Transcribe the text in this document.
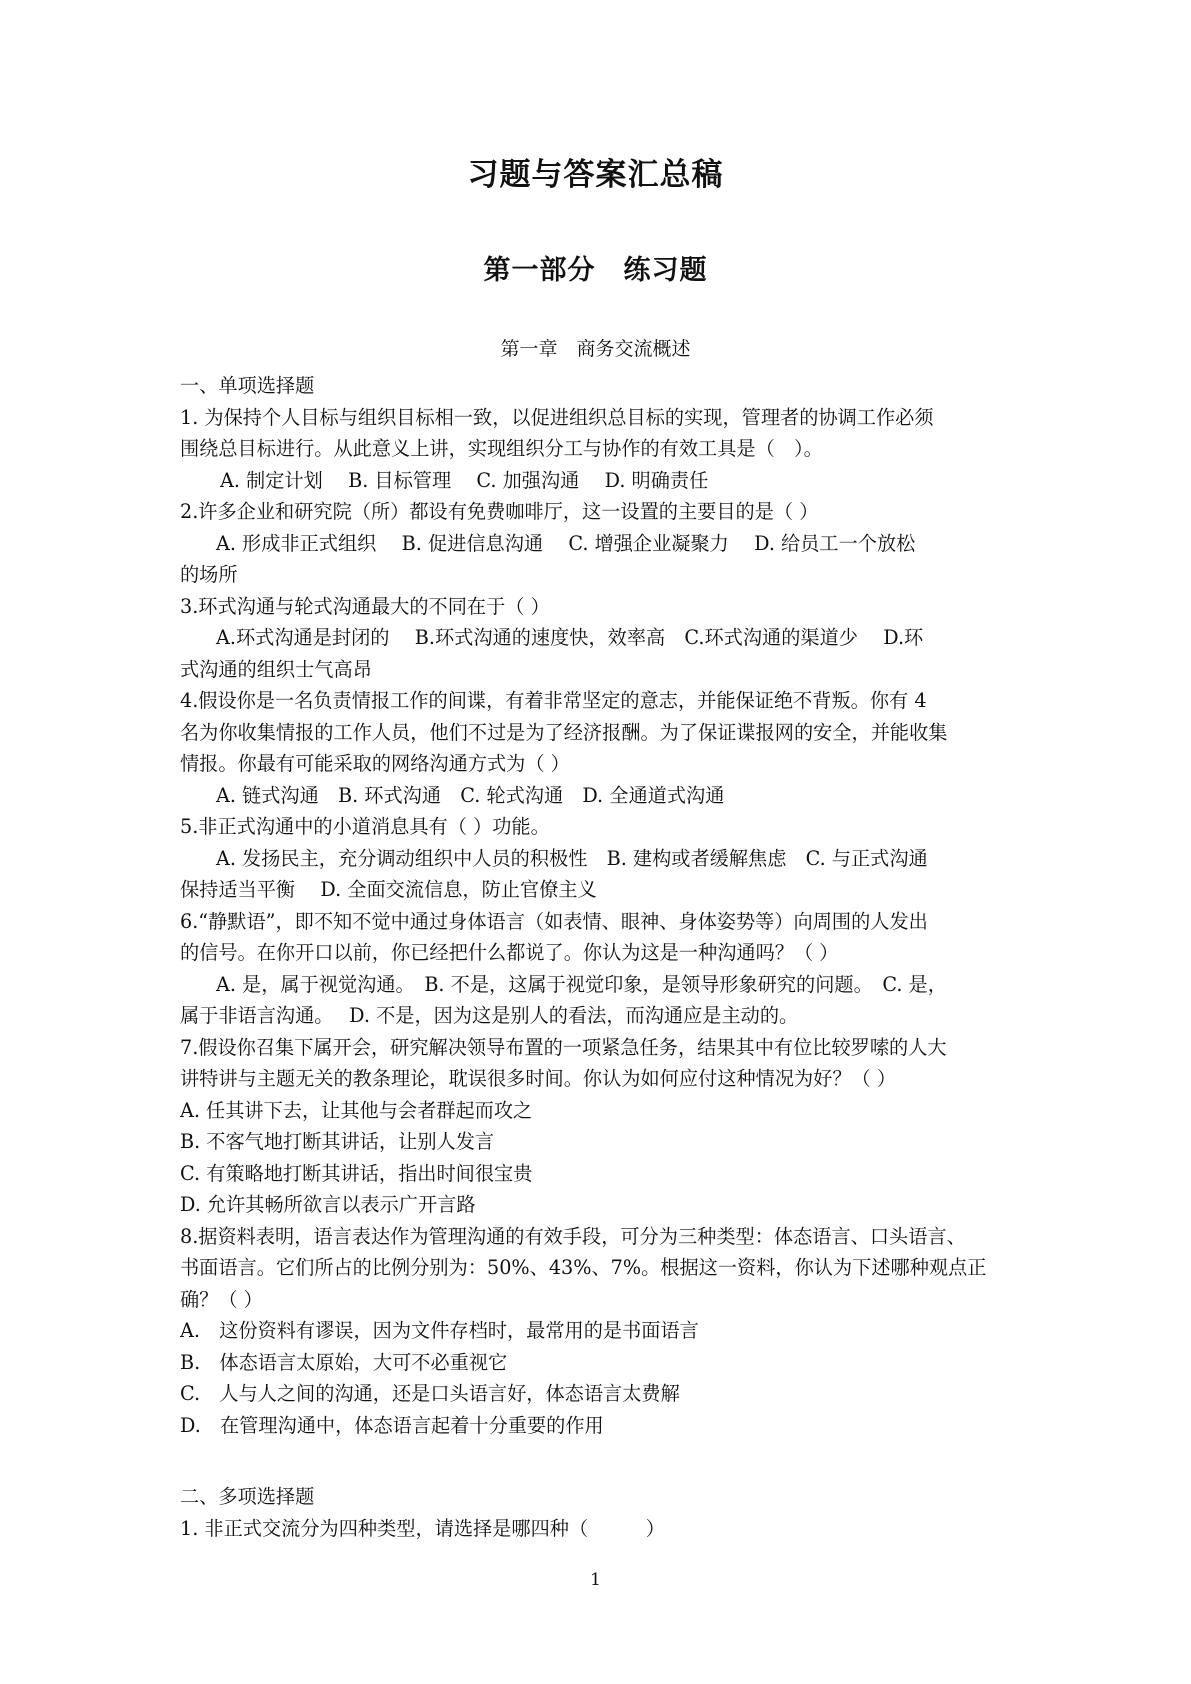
习题与答案汇总稿
第一部分　练习题
第一章　商务交流概述
一、单项选择题
1. 为保持个人目标与组织目标相一致，以促进组织总目标的实现，管理者的协调工作必须
围绕总目标进行。从此意义上讲，实现组织分工与协作的有效工具是（　）。
A. 制定计划　 B. 目标管理　 C. 加强沟通　 D. 明确责任
2.许多企业和研究院（所）都设有免费咖啡厅，这一设置的主要目的是（ ）
A. 形成非正式组织　 B. 促进信息沟通　 C. 增强企业凝聚力　 D. 给员工一个放松
的场所
3.环式沟通与轮式沟通最大的不同在于（ ）
A.环式沟通是封闭的　 B.环式沟通的速度快，效率高　C.环式沟通的渠道少　 D.环
式沟通的组织士气高昂
4.假设你是一名负责情报工作的间谍，有着非常坚定的意志，并能保证绝不背叛。你有 4
名为你收集情报的工作人员，他们不过是为了经济报酬。为了保证谍报网的安全，并能收集
情报。你最有可能采取的网络沟通方式为（ ）
A. 链式沟通　B. 环式沟通　C. 轮式沟通　D. 全通道式沟通
5.非正式沟通中的小道消息具有（ ）功能。
A. 发扬民主，充分调动组织中人员的积极性　B. 建构或者缓解焦虑　C. 与正式沟通
保持适当平衡　 D. 全面交流信息，防止官僚主义
6.“静默语”，即不知不觉中通过身体语言（如表情、眼神、身体姿势等）向周围的人发出
的信号。在你开口以前，你已经把什么都说了。你认为这是一种沟通吗？（ ）
A. 是，属于视觉沟通。　B. 不是，这属于视觉印象，是领导形象研究的问题。　C. 是，
属于非语言沟通。　 D. 不是，因为这是别人的看法，而沟通应是主动的。
7.假设你召集下属开会，研究解决领导布置的一项紧急任务，结果其中有位比较罗嗦的人大
讲特讲与主题无关的教条理论，耽误很多时间。你认为如何应付这种情况为好？（ ）
A. 任其讲下去，让其他与会者群起而攻之
B. 不客气地打断其讲话，让别人发言
C. 有策略地打断其讲话，指出时间很宝贵
D. 允许其畅所欲言以表示广开言路
8.据资料表明，语言表达作为管理沟通的有效手段，可分为三种类型：体态语言、口头语言、
书面语言。它们所占的比例分别为：50%、43%、7%。根据这一资料，你认为下述哪种观点正
确？（ ）
A.　这份资料有谬误，因为文件存档时，最常用的是书面语言
B.　体态语言太原始，大可不必重视它
C.　人与人之间的沟通，还是口头语言好，体态语言太费解
D.　在管理沟通中，体态语言起着十分重要的作用
二、多项选择题
1. 非正式交流分为四种类型，请选择是哪四种（　　　）
1
